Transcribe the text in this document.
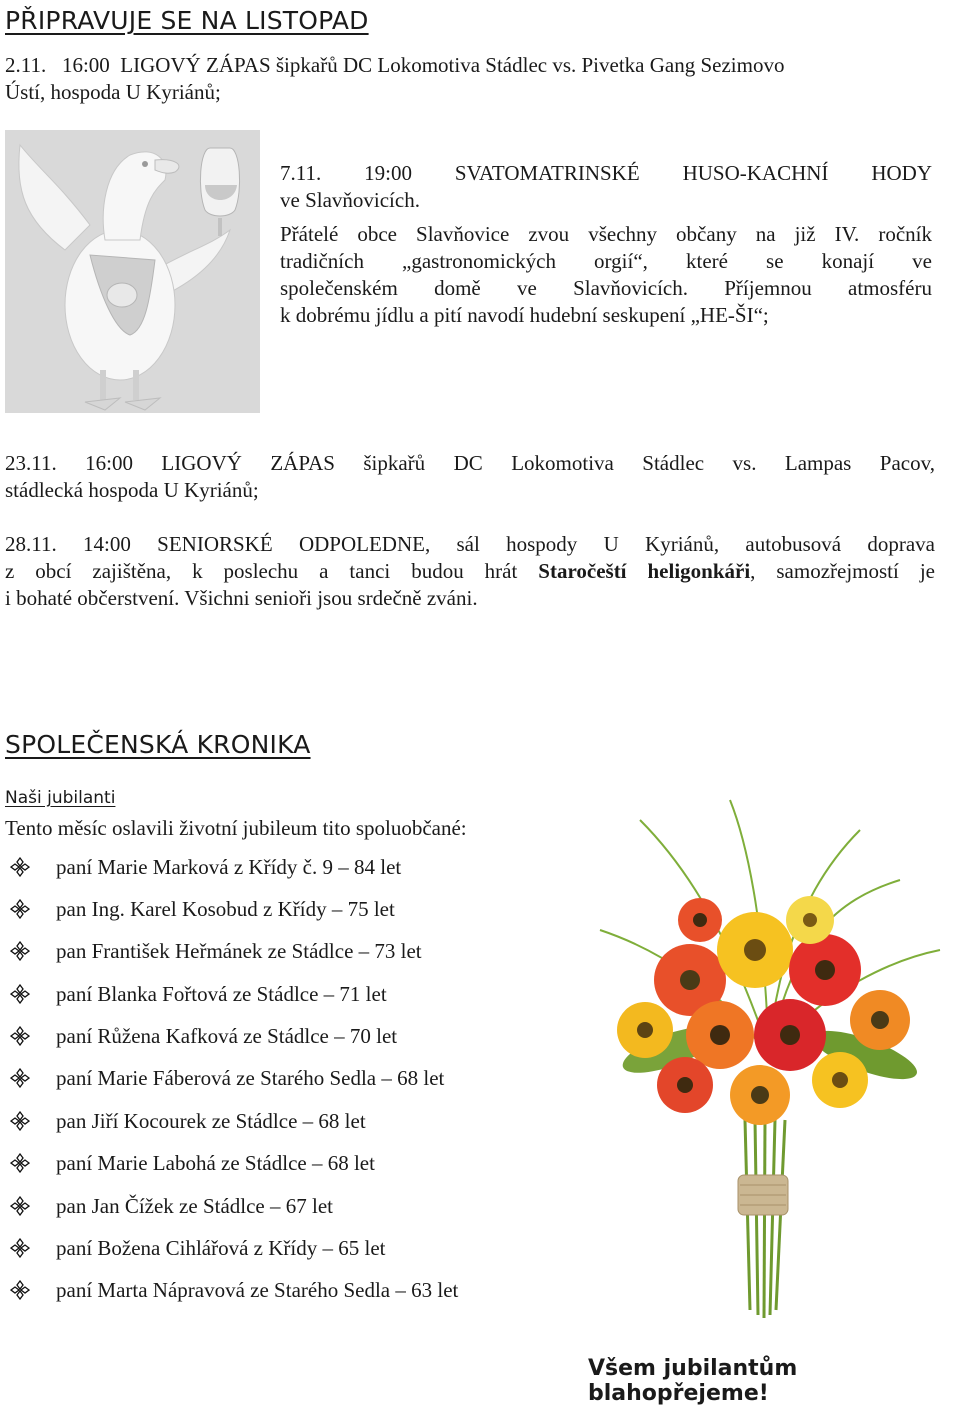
PŘIPRAVUJE SE NA LISTOPAD
2.11.   16:00  LIGOVÝ ZÁPAS šipkařů DC Lokomotiva Stádlec vs. Pivetka Gang Sezimovo
Ústí, hospoda U Kyriánů;
7.11. 19:00 SVATOMATRINSKÉ HUSO-KACHNÍ HODY
ve Slavňovicích.
Přátelé obce Slavňovice zvou všechny občany na již IV. ročník
tradičních „gastronomických orgií“, které se konají ve
společenském domě ve Slavňovicích. Příjemnou atmosféru
k dobrému jídlu a pití navodí hudební seskupení „HE-ŠI“;
23.11. 16:00 LIGOVÝ ZÁPAS šipkařů DC Lokomotiva Stádlec vs. Lampas Pacov,
stádlecká hospoda U Kyriánů;
28.11. 14:00 SENIORSKÉ ODPOLEDNE, sál hospody U Kyriánů, autobusová doprava
z obcí zajištěna, k poslechu a tanci budou hrát Staročeští heligonkáři, samozřejmostí je
i bohaté občerstvení. Všichni senioři jsou srdečně zváni.
SPOLEČENSKÁ KRONIKA
Naši jubilanti
Tento měsíc oslavili životní jubileum tito spoluobčané:
paní Marie Marková z Křídy č. 9 – 84 let
pan Ing. Karel Kosobud z Křídy – 75 let
pan František Heřmánek ze Stádlce – 73 let
paní Blanka Fořtová ze Stádlce – 71 let
paní Růžena Kafková ze Stádlce – 70 let
paní Marie Fáberová ze Starého Sedla – 68 let
pan Jiří Kocourek ze Stádlce – 68 let
paní Marie Labohá ze Stádlce – 68 let
pan Jan Čížek ze Stádlce – 67 let
paní Božena Cihlářová z Křídy – 65 let
paní Marta Nápravová ze Starého Sedla – 63 let
Všem jubilantům blahopřejeme!
